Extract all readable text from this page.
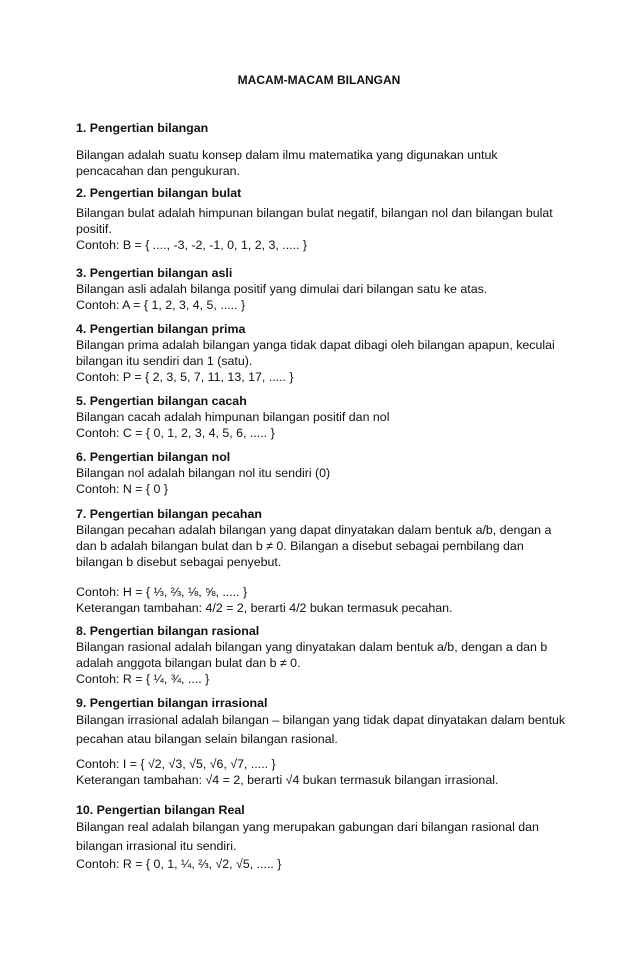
MACAM-MACAM BILANGAN
1. Pengertian bilangan

Bilangan adalah suatu konsep dalam ilmu matematika yang digunakan untuk pencacahan dan pengukuran.

2. Pengertian bilangan bulat

Bilangan bulat adalah himpunan bilangan bulat negatif, bilangan nol dan bilangan bulat positif.

Contoh: B = { ...., -3, -2, -1, 0, 1, 2, 3, ..... }
3. Pengertian bilangan asli

Bilangan asli adalah bilanga positif yang dimulai dari bilangan satu ke atas.

Contoh: A = { 1, 2, 3, 4, 5, ..... }
4. Pengertian bilangan prima

Bilangan prima adalah bilangan yanga tidak dapat dibagi oleh bilangan apapun, keculai bilangan itu sendiri dan 1 (satu).

Contoh: P = { 2, 3, 5, 7, 11, 13, 17, ..... }
5. Pengertian bilangan cacah

Bilangan cacah adalah himpunan bilangan positif dan nol

Contoh: C = { 0, 1, 2, 3, 4, 5, 6, ..... }
6. Pengertian bilangan nol

Bilangan nol adalah bilangan nol itu sendiri (0)

Contoh: N = { 0 }
7. Pengertian bilangan pecahan

Bilangan pecahan adalah bilangan yang dapat dinyatakan dalam bentuk a/b, dengan a dan b adalah bilangan bulat dan b ≠ 0. Bilangan a disebut sebagai pembilang dan bilangan b disebut sebagai penyebut.

Contoh: H = { ⅓, ⅔, ⅛, ⅝, ..... }
Keterangan tambahan: 4/2 = 2, berarti 4/2 bukan termasuk pecahan.
8. Pengertian bilangan rasional

Bilangan rasional adalah bilangan yang dinyatakan dalam bentuk a/b, dengan a dan b adalah anggota bilangan bulat dan b ≠ 0.

Contoh: R = { ¼, ¾, .... }
9. Pengertian bilangan irrasional

Bilangan irrasional adalah bilangan – bilangan yang tidak dapat dinyatakan dalam bentuk pecahan atau bilangan selain bilangan rasional.

Contoh: I = { √2, √3, √5, √6, √7, ..... }
Keterangan tambahan: √4 = 2, berarti √4 bukan termasuk bilangan irrasional.
10. Pengertian bilangan Real

Bilangan real adalah bilangan yang merupakan gabungan dari bilangan rasional dan bilangan irrasional itu sendiri.

Contoh: R = { 0, 1, ¼, ⅔, √2, √5, ..... }
